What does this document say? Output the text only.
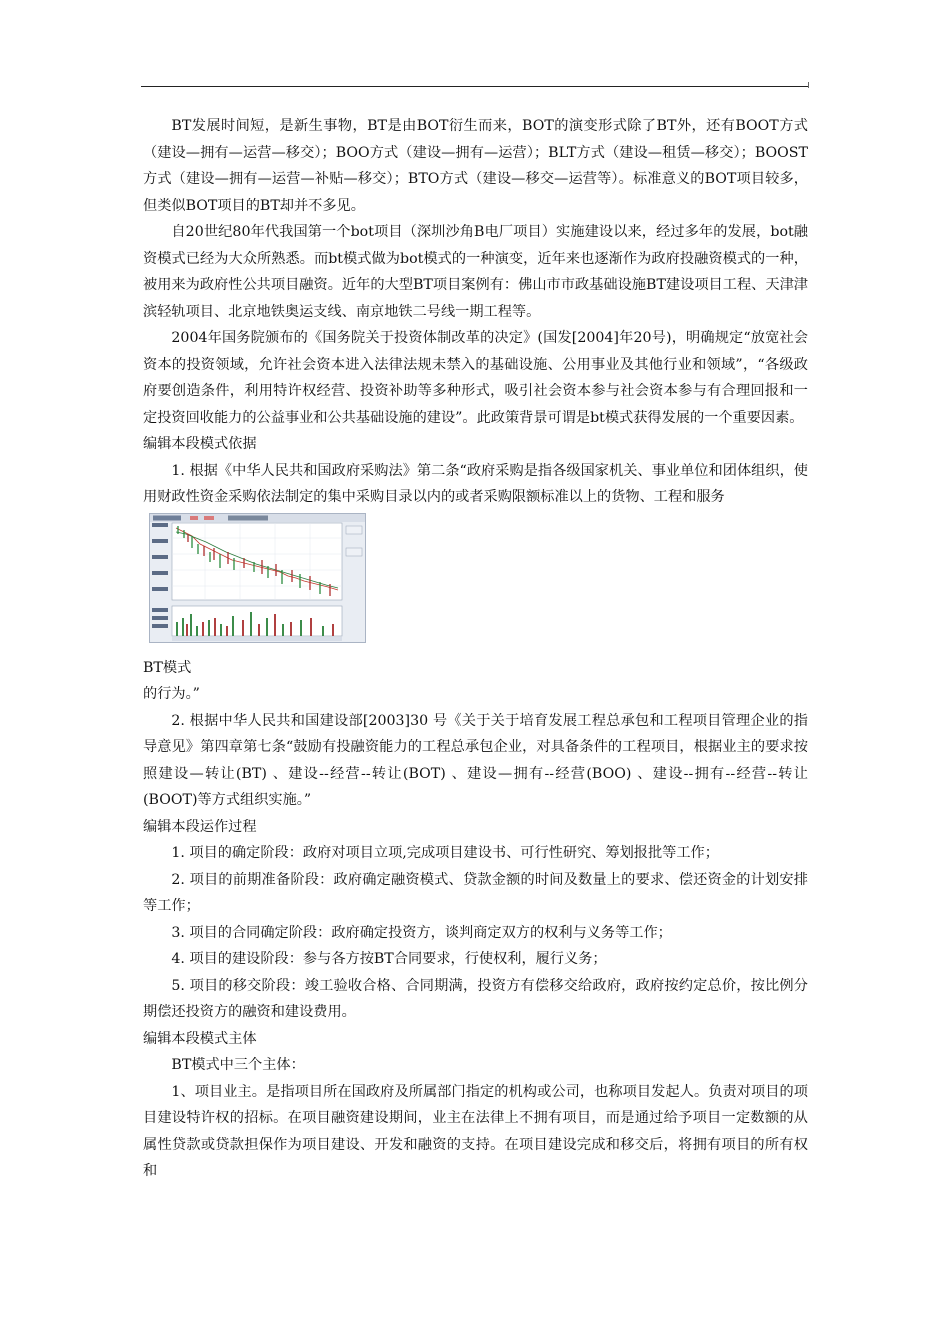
BT发展时间短，是新生事物，BT是由BOT衍生而来，BOT的演变形式除了BT外，还有BOOT方式（建设—拥有—运营—移交）；BOO方式（建设—拥有—运营）；BLT方式（建设—租赁—移交）；BOOST方式（建设—拥有—运营—补贴—移交）；BTO方式（建设—移交—运营等）。标准意义的BOT项目较多，但类似BOT项目的BT却并不多见。

自20世纪80年代我国第一个bot项目（深圳沙角B电厂项目）实施建设以来，经过多年的发展，bot融资模式已经为大众所熟悉。而bt模式做为bot模式的一种演变，近年来也逐渐作为政府投融资模式的一种，被用来为政府性公共项目融资。近年的大型BT项目案例有：佛山市市政基础设施BT建设项目工程、天津津滨轻轨项目、北京地铁奥运支线、南京地铁二号线一期工程等。

2004年国务院颁布的《国务院关于投资体制改革的决定》(国发[2004]年20号)，明确规定“放宽社会资本的投资领域，允许社会资本进入法律法规未禁入的基础设施、公用事业及其他行业和领域”，“各级政府要创造条件，利用特许权经营、投资补助等多种形式，吸引社会资本参与社会资本参与有合理回报和一定投资回收能力的公益事业和公共基础设施的建设”。此政策背景可谓是bt模式获得发展的一个重要因素。

编辑本段模式依据

1. 根据《中华人民共和国政府采购法》第二条“政府采购是指各级国家机关、事业单位和团体组织，使用财政性资金采购依法制定的集中采购目录以内的或者采购限额标准以上的货物、工程和服务

BT模式

的行为。”

2. 根据中华人民共和国建设部[2003]30 号《关于关于培育发展工程总承包和工程项目管理企业的指导意见》第四章第七条“鼓励有投融资能力的工程总承包企业，对具备条件的工程项目，根据业主的要求按照建设—转让(BT) 、建设--经营--转让(BOT) 、建设—拥有--经营(BOO) 、建设--拥有--经营--转让(BOOT)等方式组织实施。”

编辑本段运作过程

1. 项目的确定阶段：政府对项目立项,完成项目建设书、可行性研究、筹划报批等工作；

2. 项目的前期准备阶段：政府确定融资模式、贷款金额的时间及数量上的要求、偿还资金的计划安排等工作；

3. 项目的合同确定阶段：政府确定投资方，谈判商定双方的权利与义务等工作；

4. 项目的建设阶段：参与各方按BT合同要求，行使权利，履行义务；

5. 项目的移交阶段：竣工验收合格、合同期满，投资方有偿移交给政府，政府按约定总价，按比例分期偿还投资方的融资和建设费用。

编辑本段模式主体

BT模式中三个主体：

1、项目业主。是指项目所在国政府及所属部门指定的机构或公司，也称项目发起人。负责对项目的项目建设特许权的招标。在项目融资建设期间，业主在法律上不拥有项目，而是通过给予项目一定数额的从属性贷款或贷款担保作为项目建设、开发和融资的支持。在项目建设完成和移交后，将拥有项目的所有权和
